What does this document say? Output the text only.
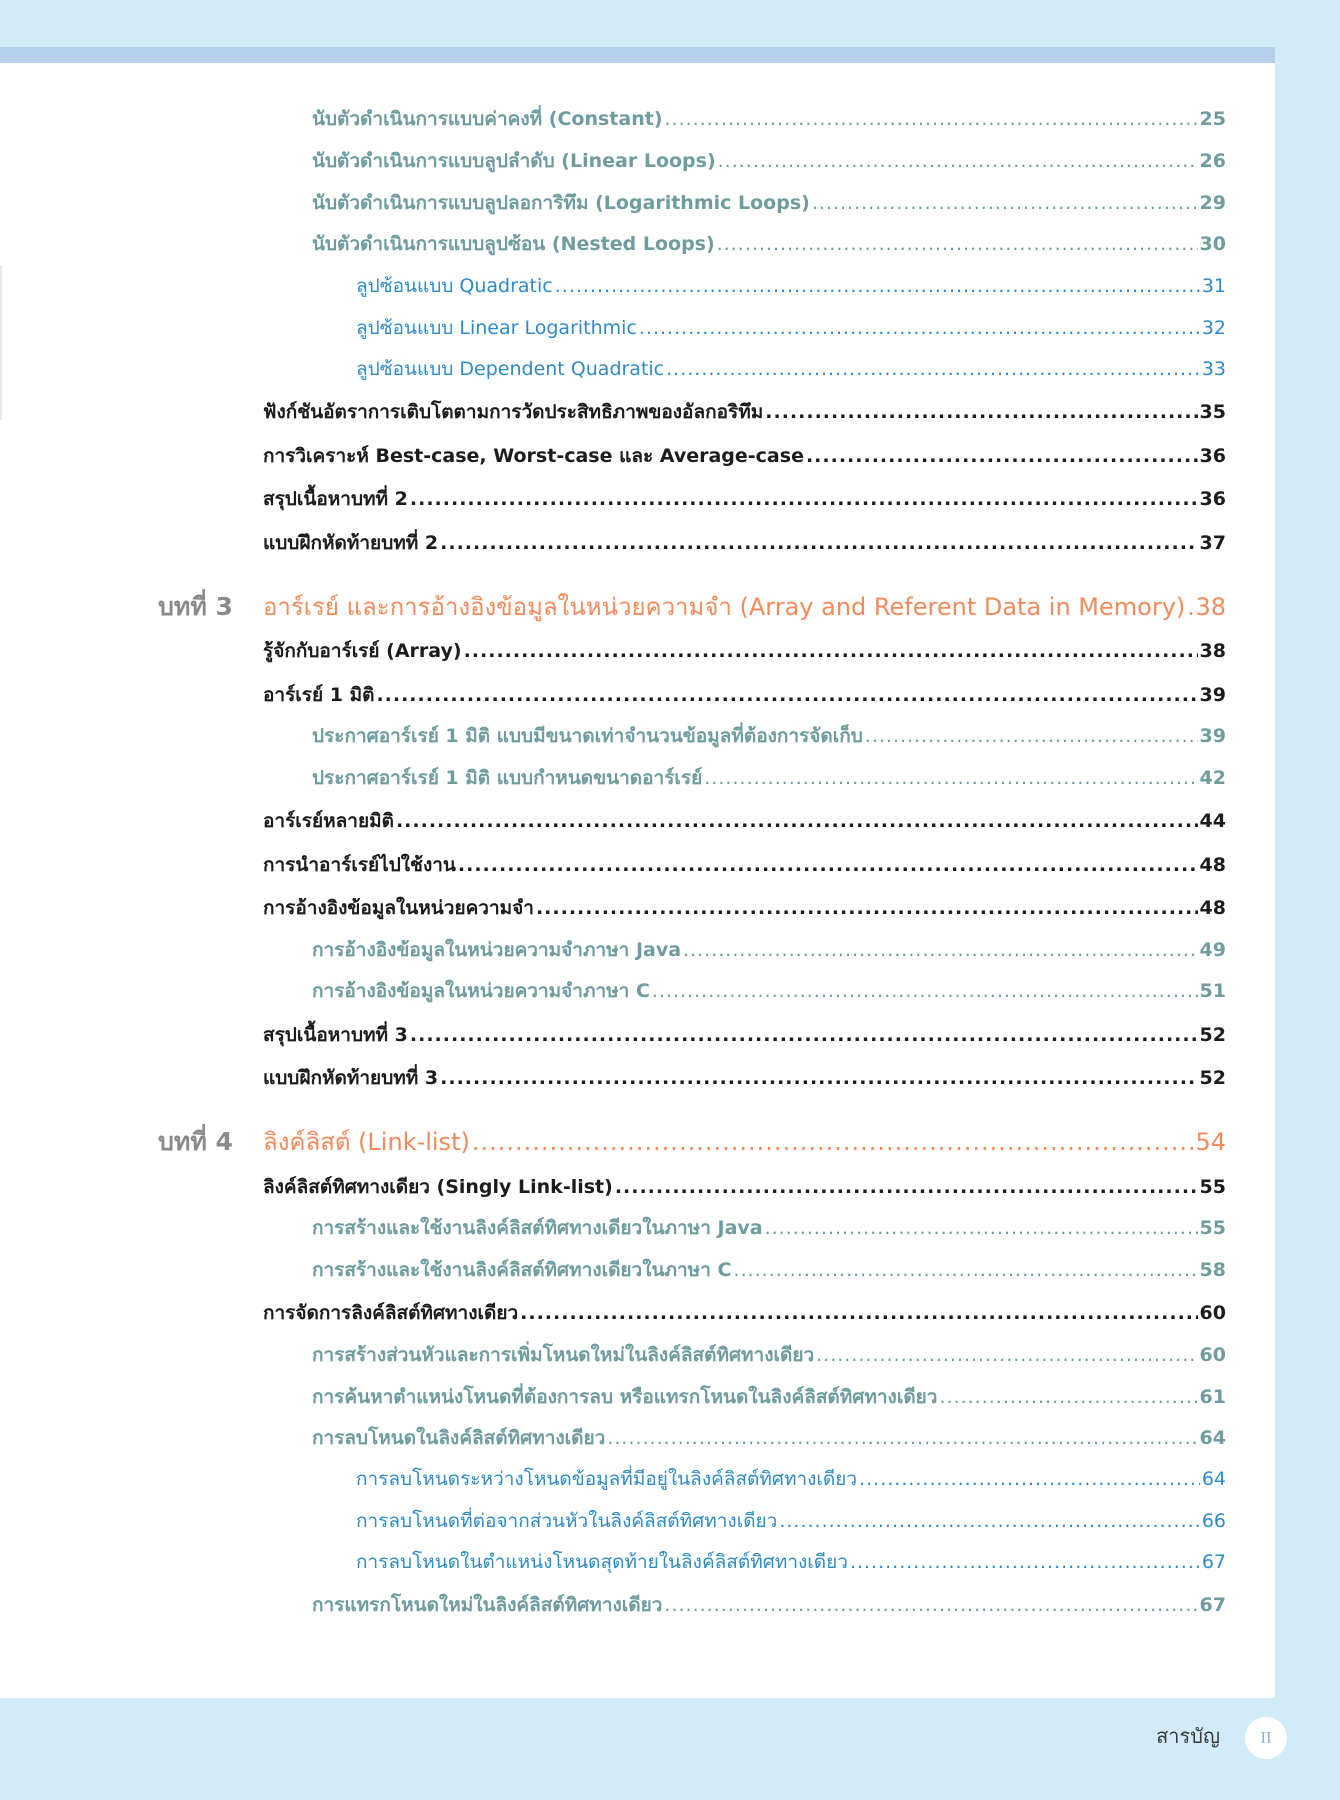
นับตัวดำเนินการแบบค่าคงที่ (Constant) .....	25
นับตัวดำเนินการแบบลูปลำดับ (Linear Loops) .....	26
นับตัวดำเนินการแบบลูปลอการิทึม (Logarithmic Loops) .....	29
นับตัวดำเนินการแบบลูปซ้อน (Nested Loops) .....	30
ลูปซ้อนแบบ Quadratic .....	31
ลูปซ้อนแบบ Linear Logarithmic .....	32
ลูปซ้อนแบบ Dependent Quadratic .....	33
ฟังก์ชันอัตราการเติบโตตามการวัดประสิทธิภาพของอัลกอริทึม .....	35
การวิเคราะห์ Best-case, Worst-case และ Average-case .....	36
สรุปเนื้อหาบทที่ 2 .....	36
แบบฝึกหัดท้ายบทที่ 2 .....	37
บทที่ 3 อาร์เรย์ และการอ้างอิงข้อมูลในหน่วยความจำ (Array and Referent Data in Memory) ..... 38
รู้จักกับอาร์เรย์ (Array) .....	38
อาร์เรย์ 1 มิติ .....	39
ประกาศอาร์เรย์ 1 มิติ แบบมีขนาดเท่าจำนวนข้อมูลที่ต้องการจัดเก็บ .....	39
ประกาศอาร์เรย์ 1 มิติ แบบกำหนดขนาดอาร์เรย์ .....	42
อาร์เรย์หลายมิติ .....	44
การนำอาร์เรย์ไปใช้งาน .....	48
การอ้างอิงข้อมูลในหน่วยความจำ .....	48
การอ้างอิงข้อมูลในหน่วยความจำภาษา Java .....	49
การอ้างอิงข้อมูลในหน่วยความจำภาษา C .....	51
สรุปเนื้อหาบทที่ 3 .....	52
แบบฝึกหัดท้ายบทที่ 3 .....	52
บทที่ 4 ลิงค์ลิสต์ (Link-list) .....	54
ลิงค์ลิสต์ทิศทางเดียว (Singly Link-list) .....	55
การสร้างและใช้งานลิงค์ลิสต์ทิศทางเดียวในภาษา Java .....	55
การสร้างและใช้งานลิงค์ลิสต์ทิศทางเดียวในภาษา C .....	58
การจัดการลิงค์ลิสต์ทิศทางเดียว .....	60
การสร้างส่วนหัวและการเพิ่มโหนดใหม่ในลิงค์ลิสต์ทิศทางเดียว .....	60
การค้นหาตำแหน่งโหนดที่ต้องการลบ หรือแทรกโหนดในลิงค์ลิสต์ทิศทางเดียว .....	61
การลบโหนดในลิงค์ลิสต์ทิศทางเดียว .....	64
การลบโหนดระหว่างโหนดข้อมูลที่มีอยู่ในลิงค์ลิสต์ทิศทางเดียว .....	64
การลบโหนดที่ต่อจากส่วนหัวในลิงค์ลิสต์ทิศทางเดียว .....	66
การลบโหนดในตำแหน่งโหนดสุดท้ายในลิงค์ลิสต์ทิศทางเดียว .....	67
การแทรกโหนดใหม่ในลิงค์ลิสต์ทิศทางเดียว .....	67
สารบัญ	II
